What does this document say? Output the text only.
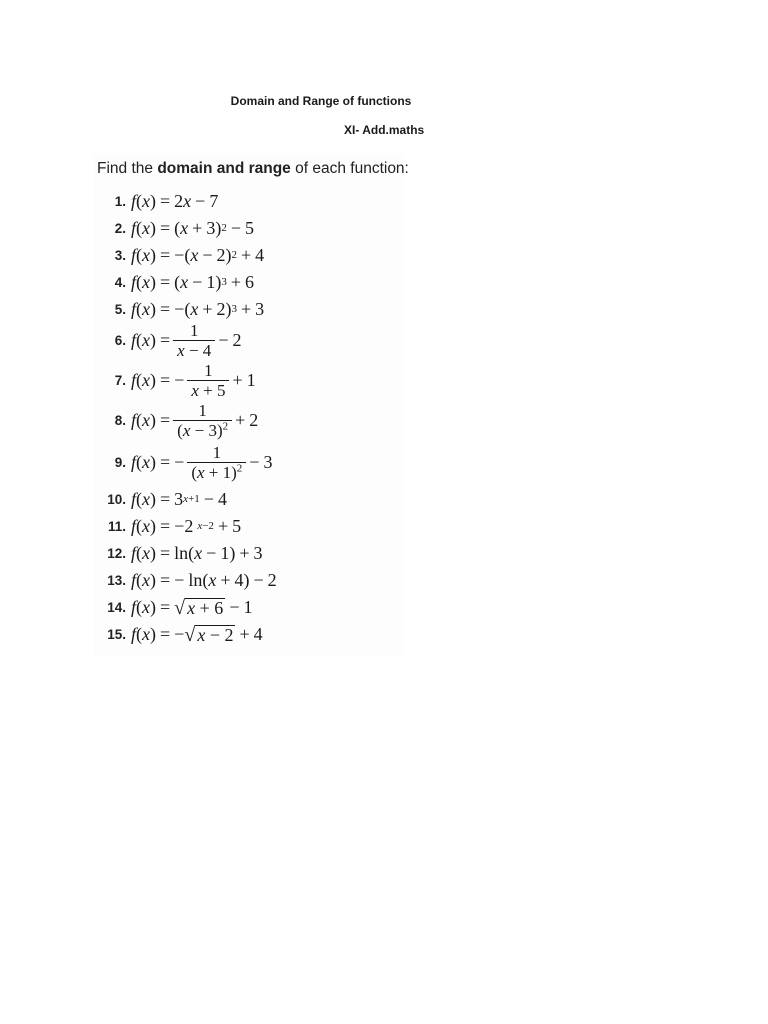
Domain and Range of functions
XI- Add.maths
Find the domain and range of each function:
1. f ( x ) = 2 x − 7
2. f ( x ) = ( x + 3) 2 − 5
3. f ( x ) = −( x − 2) 2 + 4
4. f ( x ) = ( x − 1) 3 + 6
5. f ( x ) = −( x + 2) 3 + 3
6. f ( x ) = $\frac{1}{x - 4} - 2$
7. f ( x ) = − $\frac{1}{x + 5} + 1$
8. f ( x ) = $\frac{1}{(x - 3)^2} + 2$
9. f ( x ) = − $\frac{1}{(x + 1)^2} - 3$
10. f ( x ) = 3 x+1 − 4
11. f ( x ) = −2 x−2 + 5
12. f ( x ) = ln( x − 1) + 3
13. f ( x ) = − ln( x + 4) − 2
14. f ( x ) = √ x + 6 − 1
15. f ( x ) = − √ x − 2 + 4
